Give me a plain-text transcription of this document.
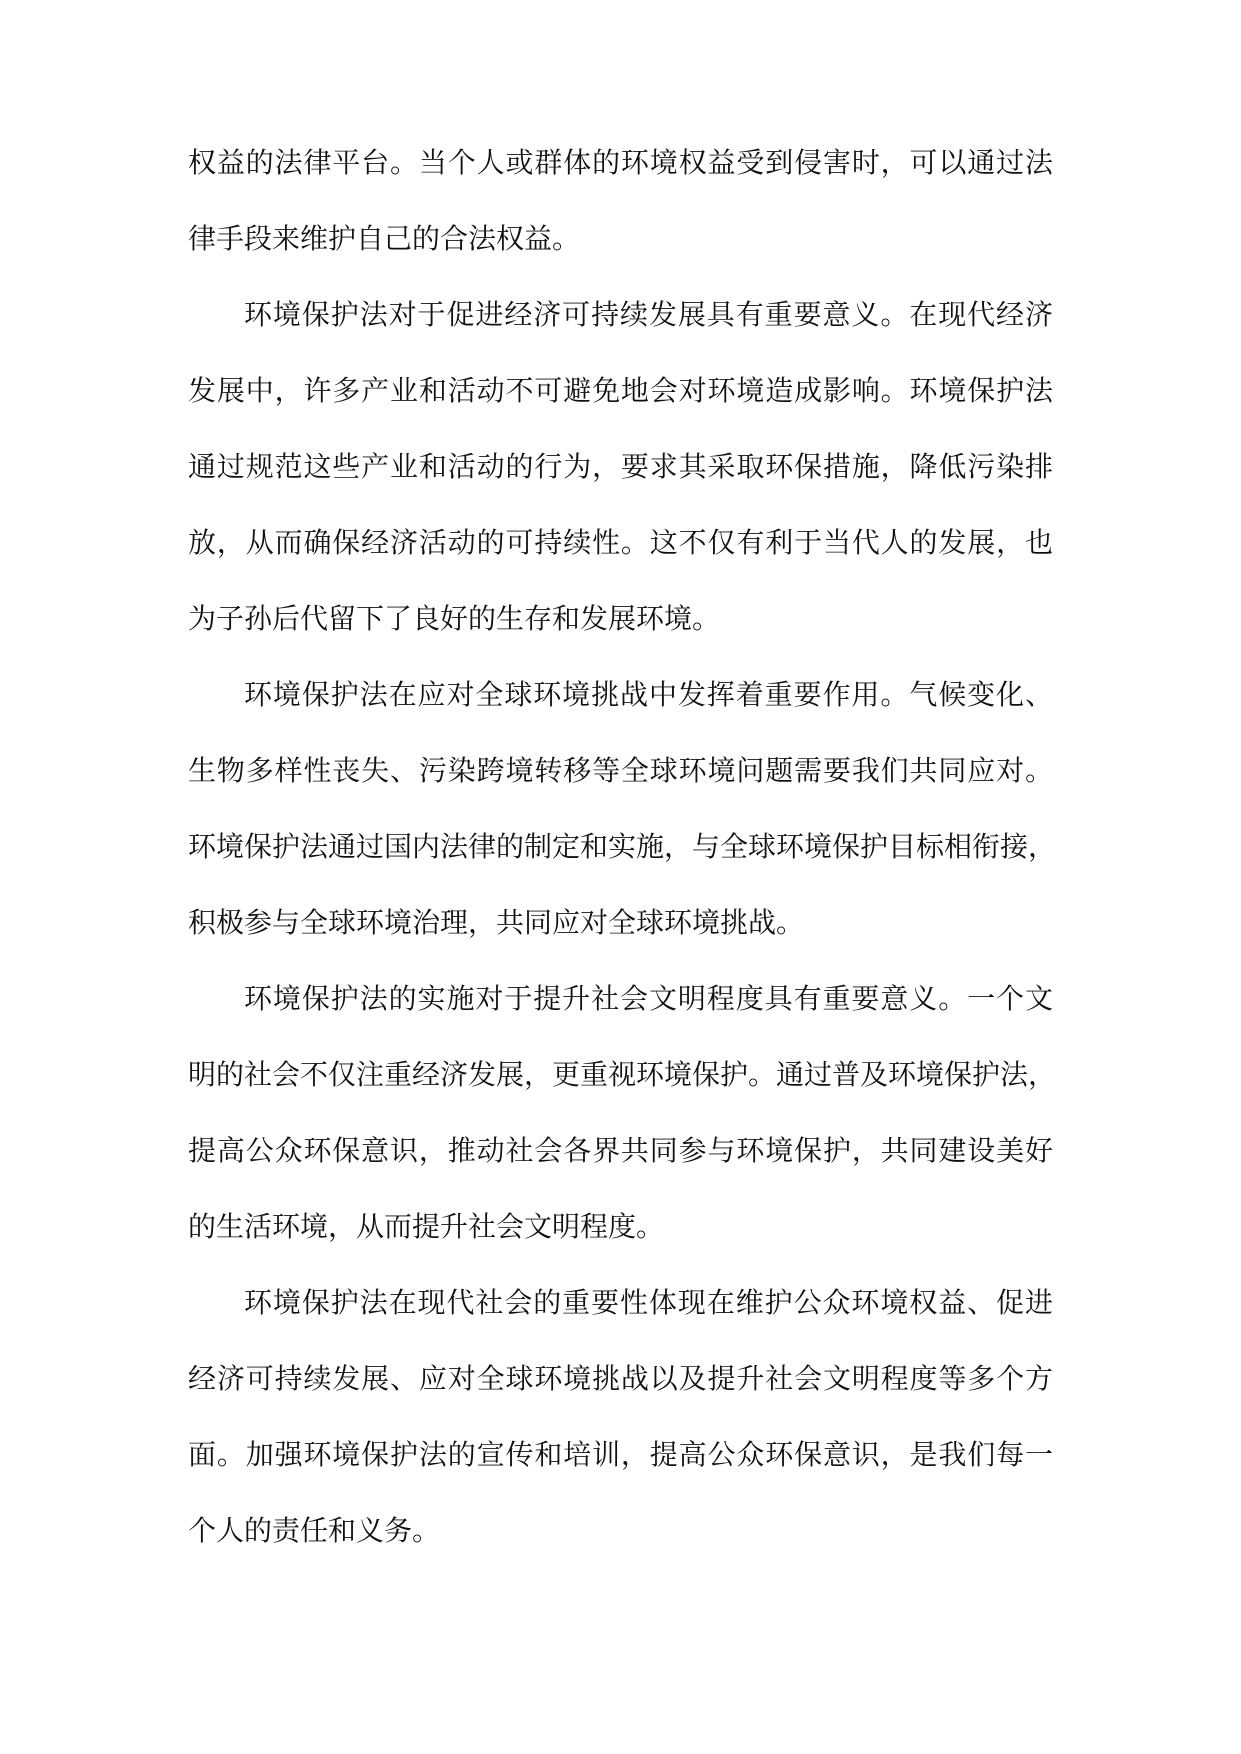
权益的法律平台。当个人或群体的环境权益受到侵害时，可以通过法
律手段来维护自己的合法权益。
环境保护法对于促进经济可持续发展具有重要意义。在现代经济
发展中，许多产业和活动不可避免地会对环境造成影响。环境保护法
通过规范这些产业和活动的行为，要求其采取环保措施，降低污染排
放，从而确保经济活动的可持续性。这不仅有利于当代人的发展，也
为子孙后代留下了良好的生存和发展环境。
环境保护法在应对全球环境挑战中发挥着重要作用。气候变化、
生物多样性丧失、污染跨境转移等全球环境问题需要我们共同应对。
环境保护法通过国内法律的制定和实施，与全球环境保护目标相衔接，
积极参与全球环境治理，共同应对全球环境挑战。
环境保护法的实施对于提升社会文明程度具有重要意义。一个文
明的社会不仅注重经济发展，更重视环境保护。通过普及环境保护法，
提高公众环保意识，推动社会各界共同参与环境保护，共同建设美好
的生活环境，从而提升社会文明程度。
环境保护法在现代社会的重要性体现在维护公众环境权益、促进
经济可持续发展、应对全球环境挑战以及提升社会文明程度等多个方
面。加强环境保护法的宣传和培训，提高公众环保意识，是我们每一
个人的责任和义务。
